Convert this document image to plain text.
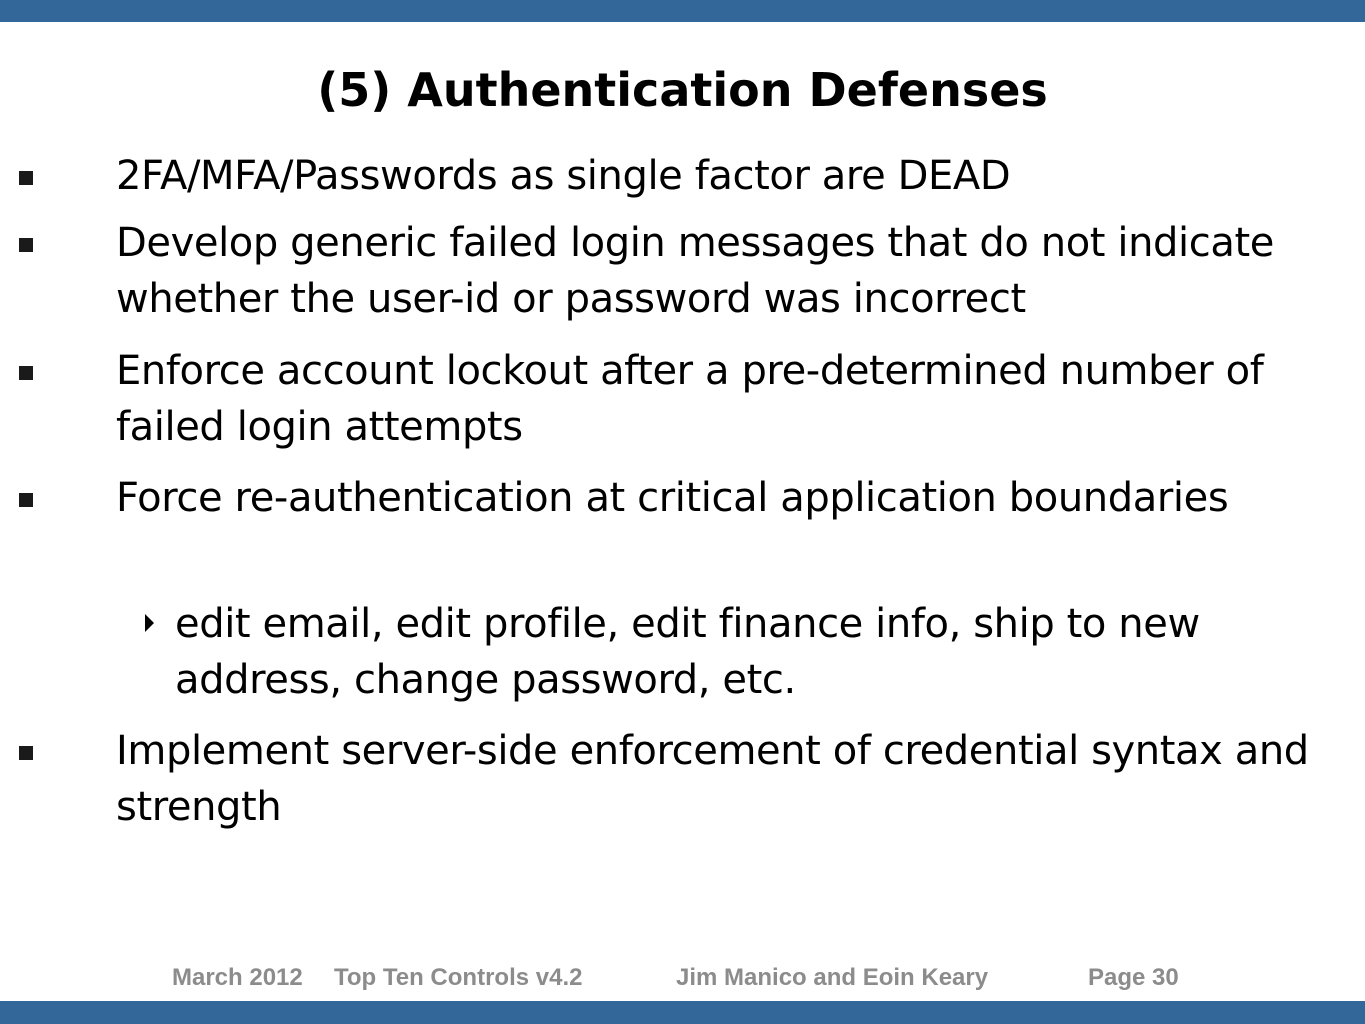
(5) Authentication Defenses
2FA/MFA/Passwords as single factor are DEAD
Develop generic failed login messages that do not indicate whether the user-id or password was incorrect
Enforce account lockout after a pre-determined number of failed login attempts
Force re-authentication at critical application boundaries
edit email, edit profile, edit finance info, ship to new address, change password, etc.
Implement server-side enforcement of credential syntax and strength
March 2012 Top Ten Controls v4.2	Jim Manico and Eoin Keary	Page 30
